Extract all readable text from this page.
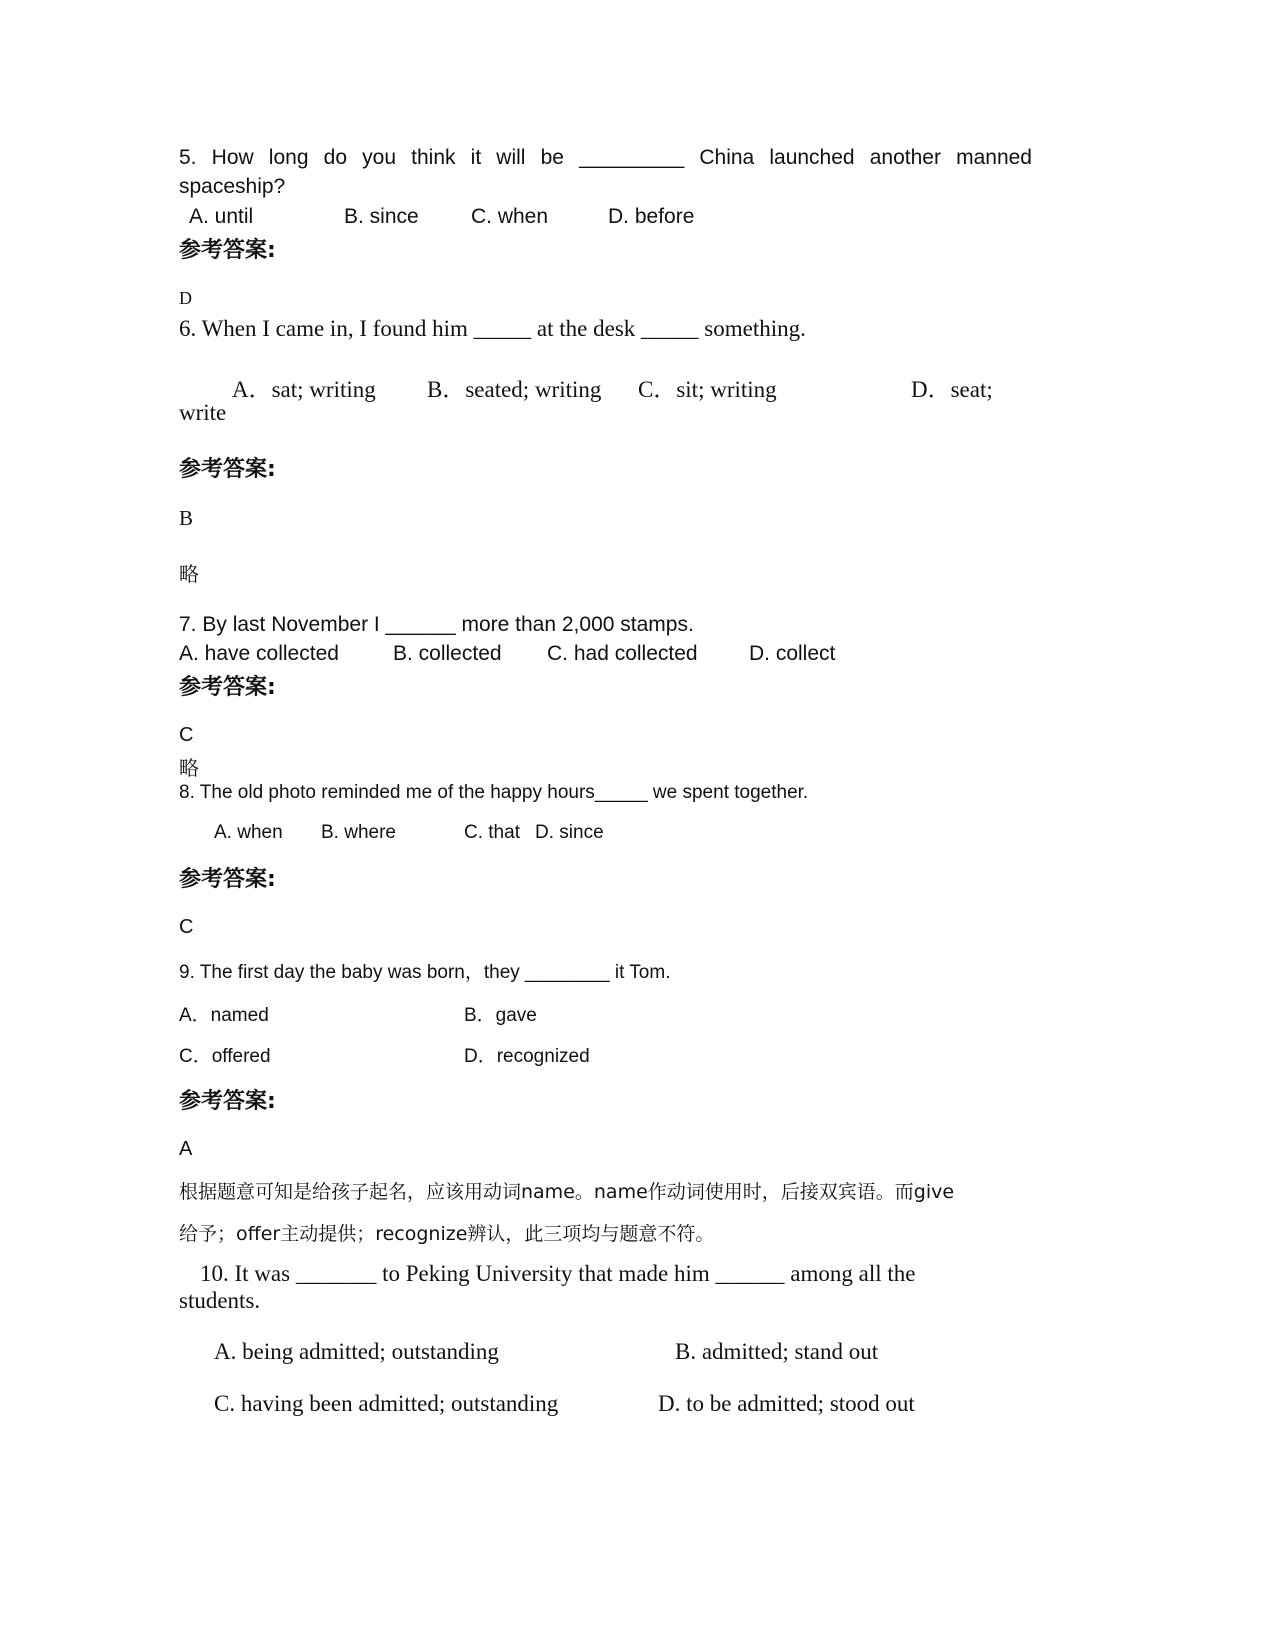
5. How long do you think it will be _________ China launched another manned

spaceship?

A. until	B. since C. when	D. before

参考答案:

D

6. When I came in, I found him _____ at the desk _____ something.

A．sat; writing B．seated; writing C．sit; writing	D．seat;

write

参考答案:

B

略

7. By last November I ______ more than 2,000 stamps.

A. have collected	B. collected C. had collected D. collect

参考答案:

C

略

8. The old photo reminded me of the happy hours_____ we spent together.

A. when B. where	C. that D. since

参考答案:

C

9. The first day the baby was born，they ________ it Tom.

A．named	B．gave

C．offered	D．recognized

参考答案:

A

根据题意可知是给孩子起名，应该用动词name。name作动词使用时，后接双宾语。而give

给予；offer主动提供；recognize辨认，此三项均与题意不符。

10. It was _______ to Peking University that made him ______ among all the

students.

A. being admitted; outstanding	B. admitted; stand out

C. having been admitted; outstanding	D. to be admitted; stood out
